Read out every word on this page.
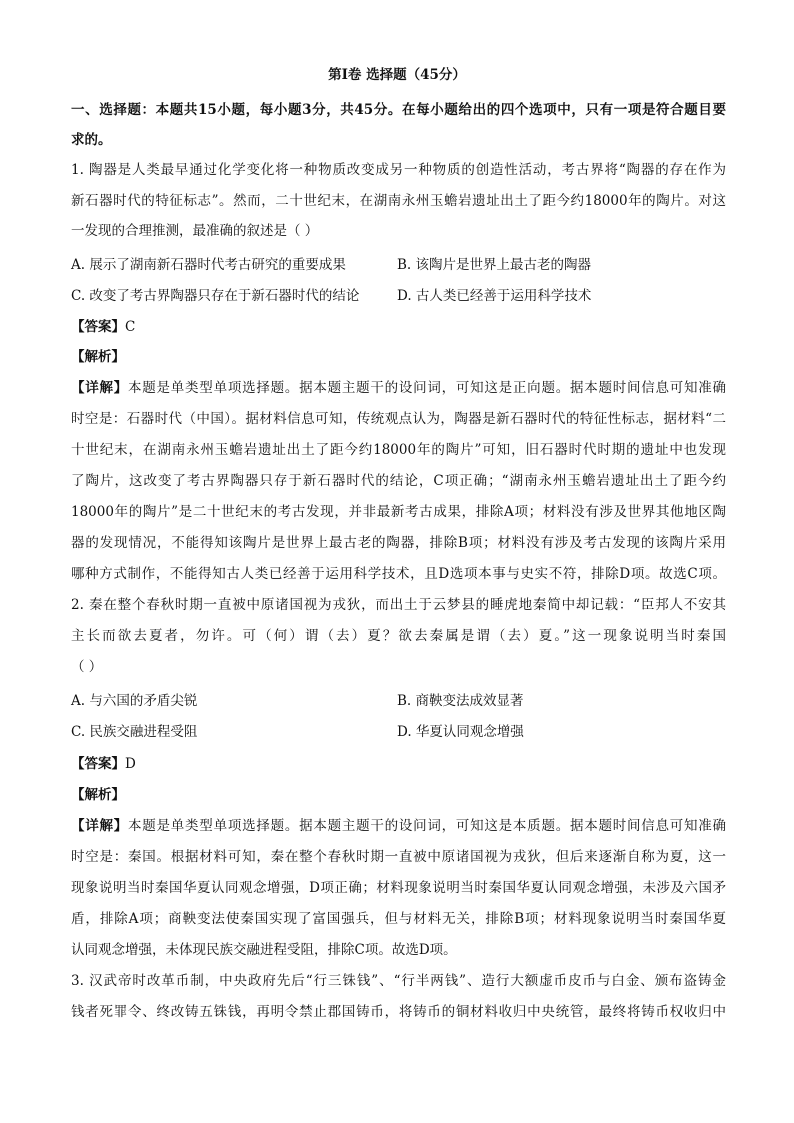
第Ⅰ卷 选择题（45分）
一、选择题：本题共15小题，每小题3分，共45分。在每小题给出的四个选项中，只有一项是符合题目要
求的。
1. 陶器是人类最早通过化学变化将一种物质改变成另一种物质的创造性活动，考古界将“陶器的存在作为
新石器时代的特征标志”。然而，二十世纪末，在湖南永州玉蟾岩遗址出土了距今约18000年的陶片。对这
一发现的合理推测，最准确的叙述是（ ）
A. 展示了湖南新石器时代考古研究的重要成果	B. 该陶片是世界上最古老的陶器
C. 改变了考古界陶器只存在于新石器时代的结论	D. 古人类已经善于运用科学技术
【答案】C
【解析】
【详解】本题是单类型单项选择题。据本题主题干的设问词，可知这是正向题。据本题时间信息可知准确
时空是：石器时代（中国）。据材料信息可知，传统观点认为，陶器是新石器时代的特征性标志，据材料“二
十世纪末，在湖南永州玉蟾岩遗址出土了距今约18000年的陶片”可知，旧石器时代时期的遗址中也发现
了陶片，这改变了考古界陶器只存于新石器时代的结论，C项正确；“湖南永州玉蟾岩遗址出土了距今约
18000年的陶片”是二十世纪末的考古发现，并非最新考古成果，排除A项；材料没有涉及世界其他地区陶
器的发现情况，不能得知该陶片是世界上最古老的陶器，排除B项；材料没有涉及考古发现的该陶片采用
哪种方式制作，不能得知古人类已经善于运用科学技术，且D选项本事与史实不符，排除D项。故选C项。
2. 秦在整个春秋时期一直被中原诸国视为戎狄，而出土于云梦县的睡虎地秦简中却记载：“臣邦人不安其
主长而欲去夏者，勿许。可（何）谓（去）夏？欲去秦属是谓（去）夏。”这一现象说明当时秦国
（ ）
A. 与六国的矛盾尖锐	B. 商鞅变法成效显著
C. 民族交融进程受阻	D. 华夏认同观念增强
【答案】D
【解析】
【详解】本题是单类型单项选择题。据本题主题干的设问词，可知这是本质题。据本题时间信息可知准确
时空是：秦国。根据材料可知，秦在整个春秋时期一直被中原诸国视为戎狄，但后来逐渐自称为夏，这一
现象说明当时秦国华夏认同观念增强，D项正确；材料现象说明当时秦国华夏认同观念增强，未涉及六国矛
盾，排除A项；商鞅变法使秦国实现了富国强兵，但与材料无关，排除B项；材料现象说明当时秦国华夏
认同观念增强，未体现民族交融进程受阻，排除C项。故选D项。
3. 汉武帝时改革币制，中央政府先后“行三铢钱”、“行半两钱”、造行大额虚币皮币与白金、颁布盗铸金
钱者死罪令、终改铸五铢钱，再明令禁止郡国铸币，将铸币的铜材料收归中央统管，最终将铸币权收归中
